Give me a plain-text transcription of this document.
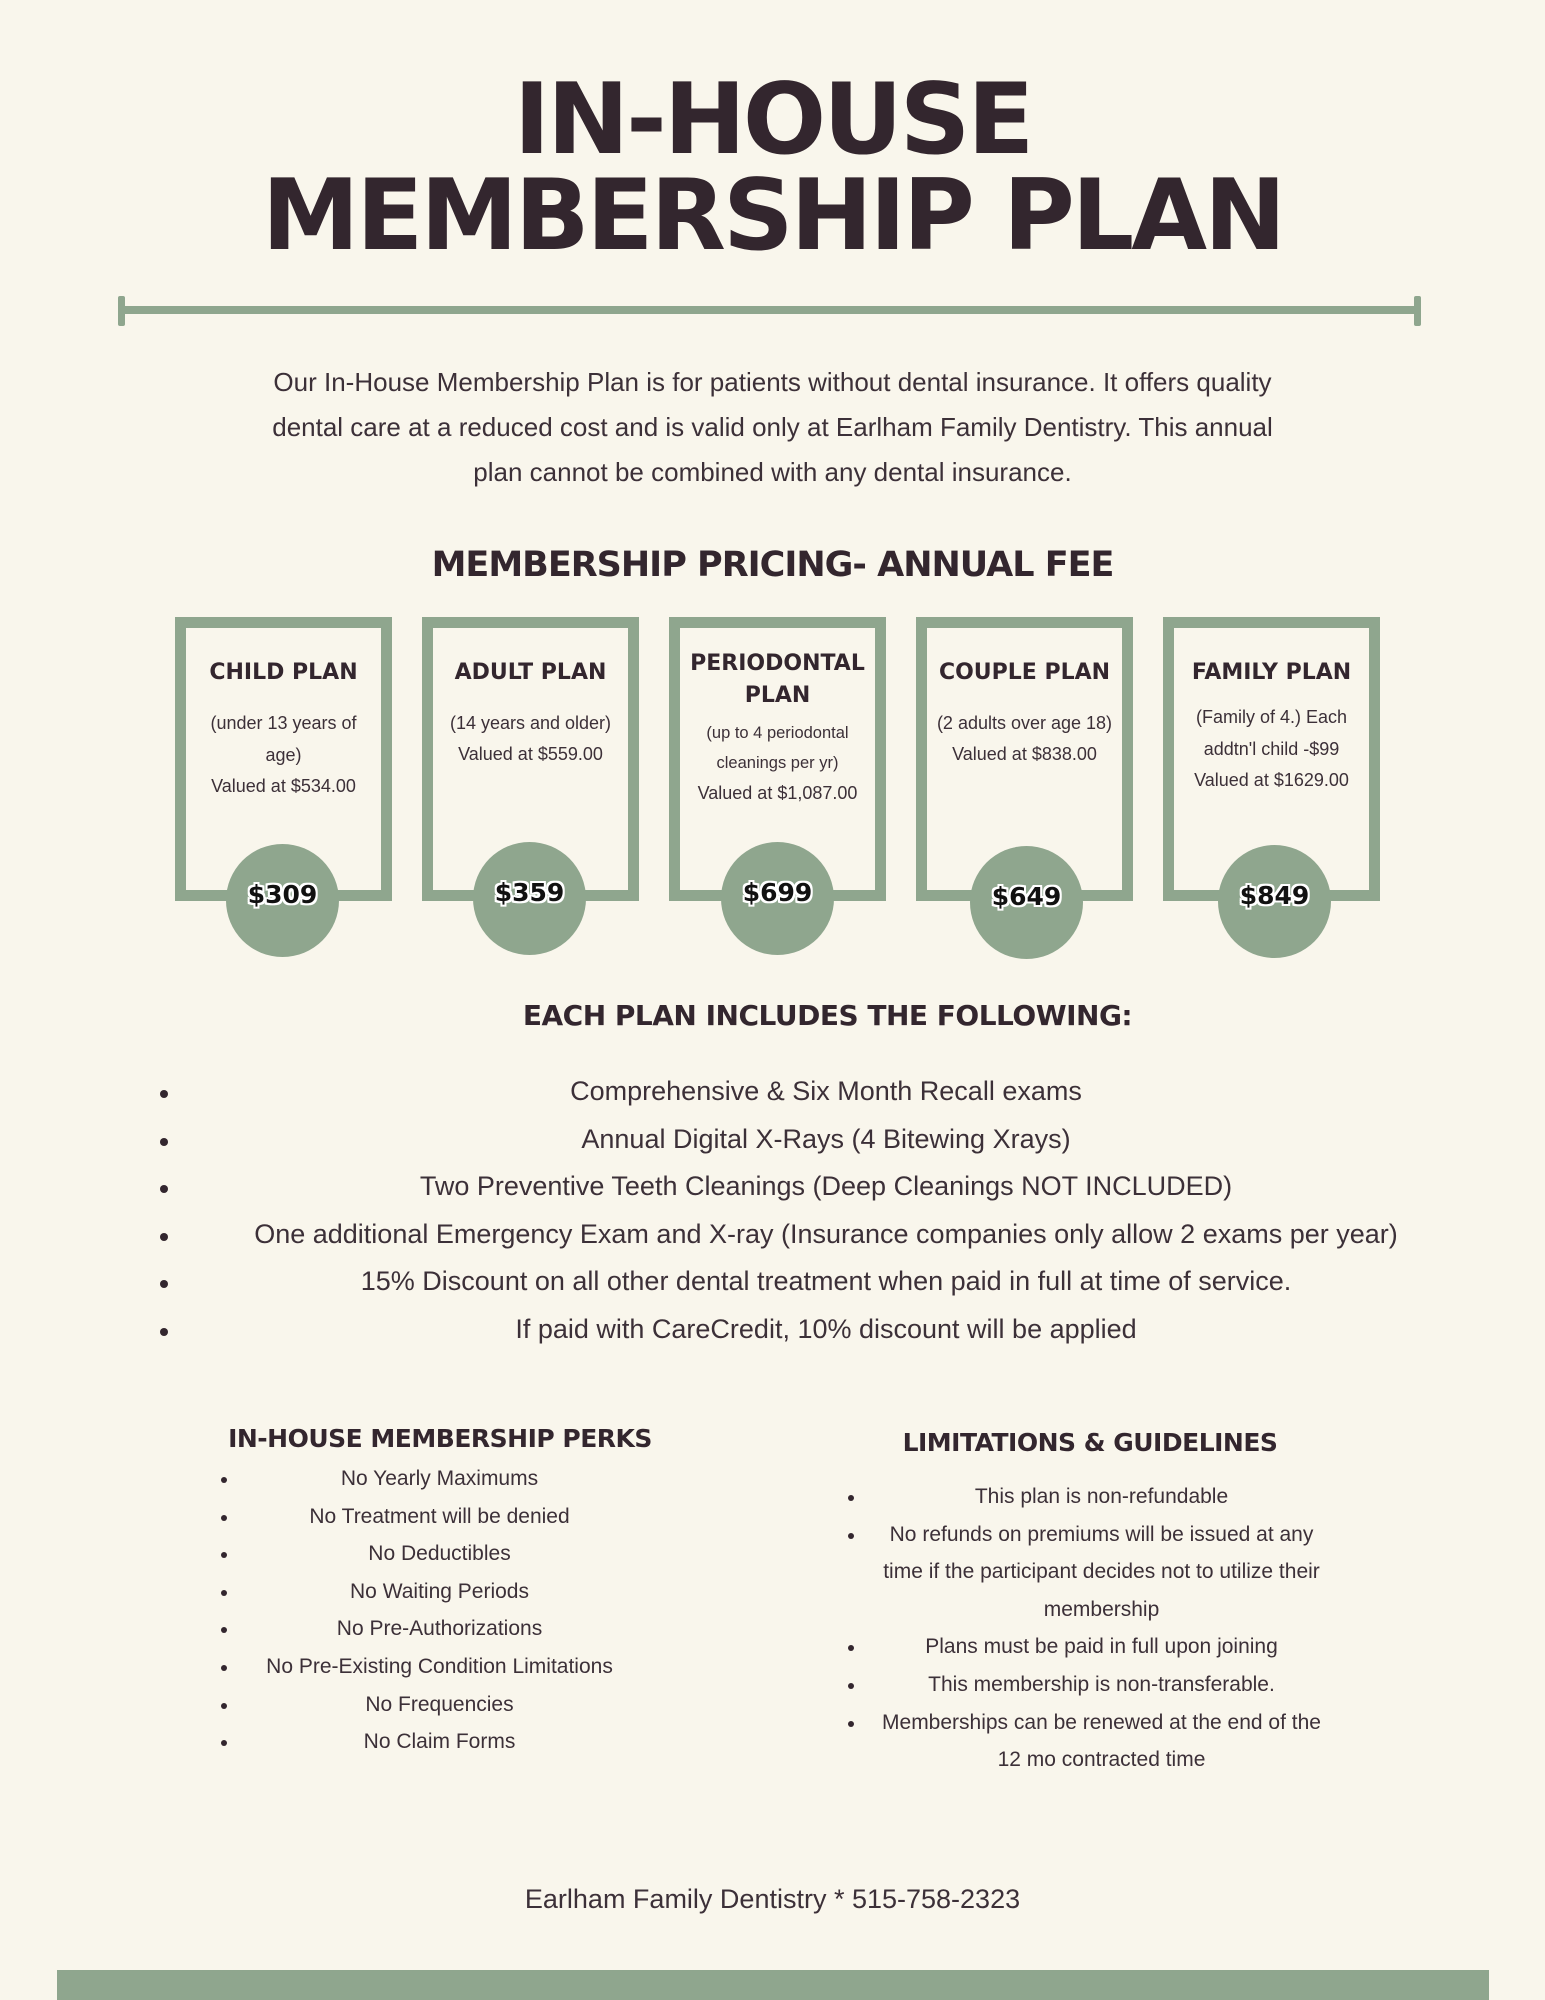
IN-HOUSE
MEMBERSHIP PLAN
Our In-House Membership Plan is for patients without dental insurance. It offers quality dental care at a reduced cost and is valid only at Earlham Family Dentistry. This annual plan cannot be combined with any dental insurance.
MEMBERSHIP PRICING- ANNUAL FEE
CHILD PLAN
(under 13 years of age)
Valued at $534.00
$309
ADULT PLAN
(14 years and older)
Valued at $559.00
$359
PERIODONTAL PLAN
(up to 4 periodontal cleanings per yr)
Valued at $1,087.00
$699
COUPLE PLAN
(2 adults over age 18)
Valued at $838.00
$649
FAMILY PLAN
(Family of 4.) Each addtn'l child -$99
Valued at $1629.00
$849
EACH PLAN INCLUDES THE FOLLOWING:
Comprehensive & Six Month Recall exams
Annual Digital X-Rays (4 Bitewing Xrays)
Two Preventive Teeth Cleanings (Deep Cleanings NOT INCLUDED)
One additional Emergency Exam and X-ray (Insurance companies only allow 2 exams per year)
15% Discount on all other dental treatment when paid in full at time of service.
If paid with CareCredit, 10% discount will be applied
IN-HOUSE MEMBERSHIP PERKS
No Yearly Maximums
No Treatment will be denied
No Deductibles
No Waiting Periods
No Pre-Authorizations
No Pre-Existing Condition Limitations
No Frequencies
No Claim Forms
LIMITATIONS & GUIDELINES
This plan is non-refundable
No refunds on premiums will be issued at any time if the participant decides not to utilize their membership
Plans must be paid in full upon joining
This membership is non-transferable.
Memberships can be renewed at the end of the 12 mo contracted time
Earlham Family Dentistry * 515-758-2323
